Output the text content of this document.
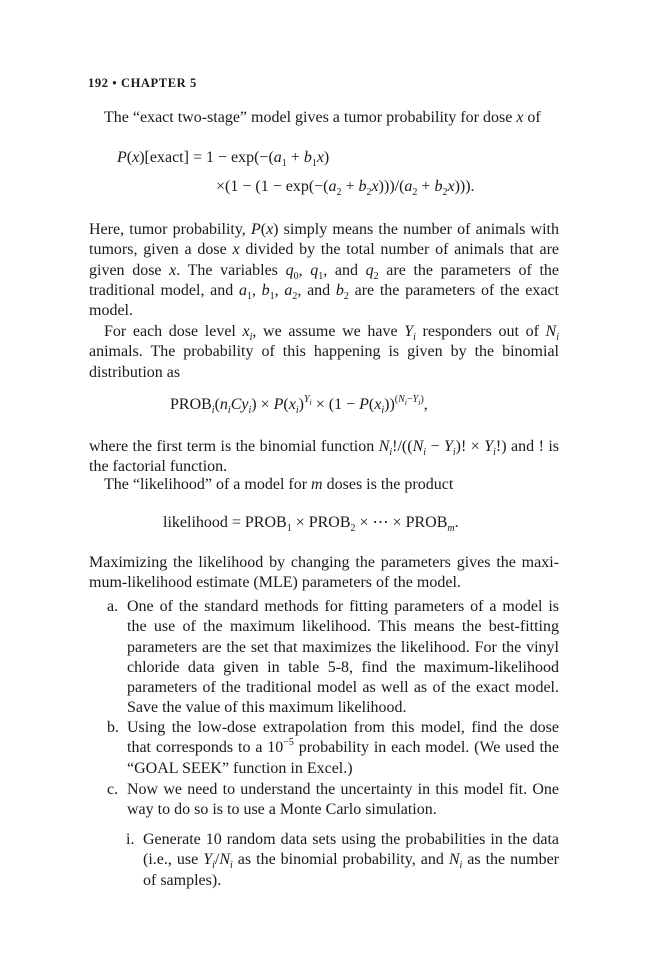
192 • CHAPTER 5
The “exact two-stage” model gives a tumor probability for dose x of
P(x)[exact] = $1 - \exp(-(a_1 + b_1x)$
$\times(1 - (1 - \exp(-(a_2 + b_2x)))/(a_2 + b_2x))$).
Here, tumor probability, P(x) simply means the number of animals with tumors, given a dose x divided by the total number of animals that are given dose x. The variables $q_0$, $q_1$, and $q_2$ are the parameters of the traditional model, and $a_1$, $b_1$, $a_2$, and $b_2$ are the parameters of the exact model.
For each dose level $x_i$, we assume we have $Y_i$ responders out of $N_i$ animals. The probability of this happening is given by the binomial distribution as
$PROB_i(n_iCy_i) \times P(x_i)^{Y_i} \times (1 - P(x_i))^{(N_i-Y_i)}$,
where the first term is the binomial function $N_i!/((N_i - Y_i)$! × $Y_i$!) and ! is the factorial function.
The “likelihood” of a model for m doses is the product
likelihood = $PROB_1$ × $PROB_2$ × ⋯ × $PROB_m$.
Maximizing the likelihood by changing the parameters gives the maximum-likelihood estimate (MLE) parameters of the model.
a. One of the standard methods for fitting parameters of a model is the use of the maximum likelihood. This means the best-fitting parameters are the set that maximizes the likelihood. For the vinyl chloride data given in table 5-8, find the maximum-likelihood parameters of the traditional model as well as of the exact model. Save the value of this maximum likelihood.
b. Using the low-dose extrapolation from this model, find the dose that corresponds to a $10^{-5}$ probability in each model. (We used the “GOAL SEEK” function in Excel.)
c. Now we need to understand the uncertainty in this model fit. One way to do so is to use a Monte Carlo simulation.
i. Generate 10 random data sets using the probabilities in the data (i.e., use $Y_i/N_i$ as the binomial probability, and $N_i$ as the number of samples).
